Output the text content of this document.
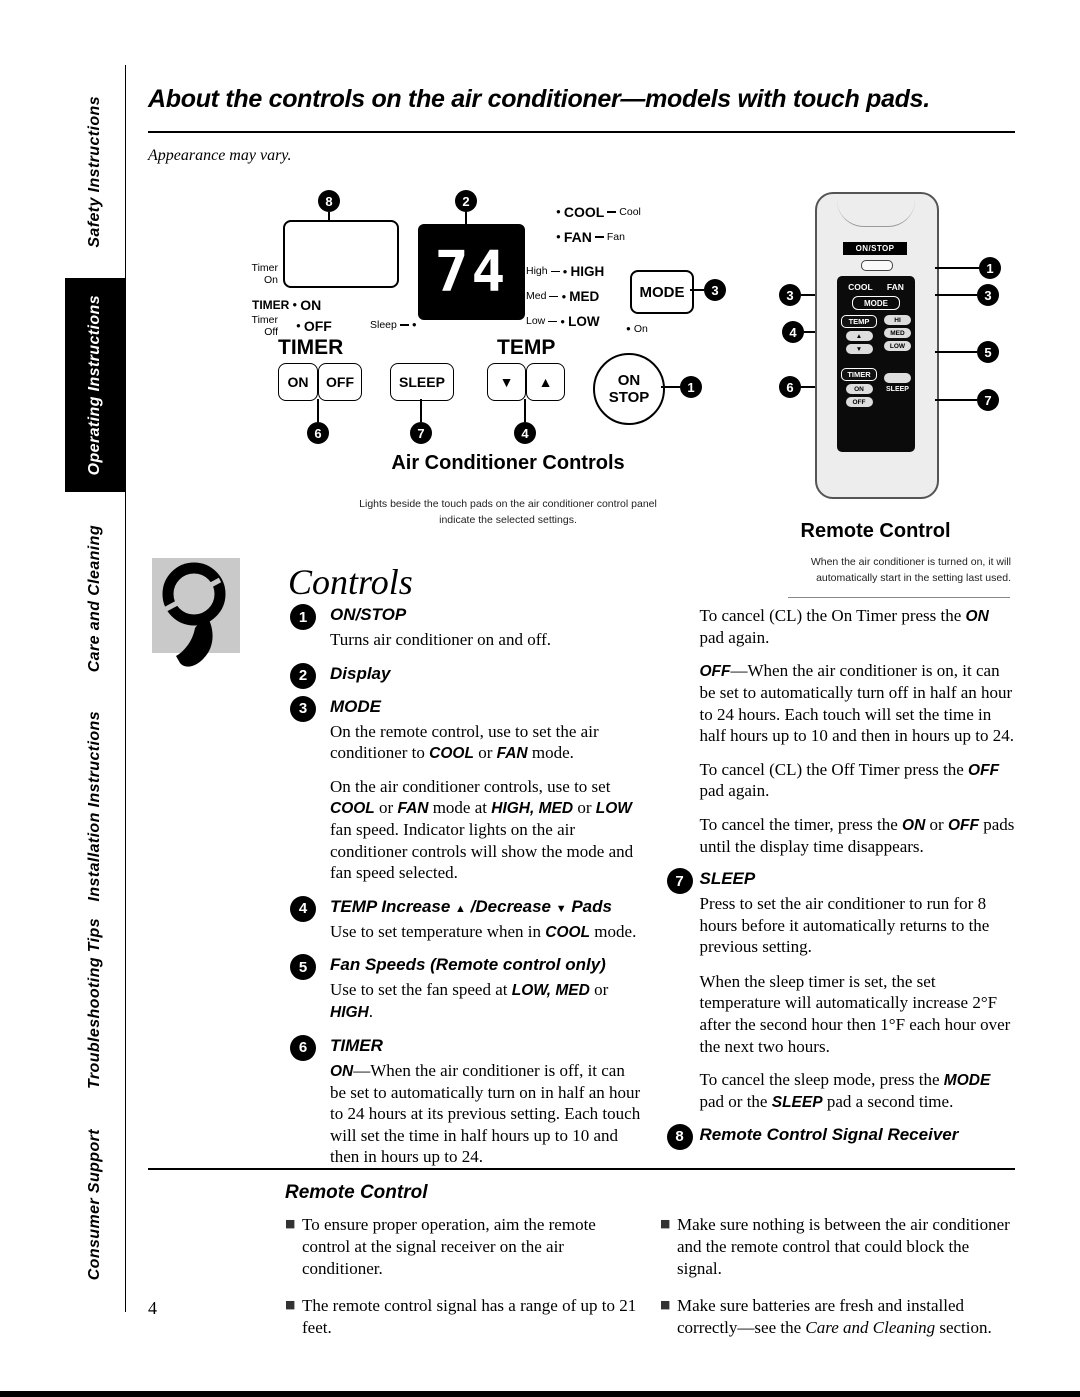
Safety Instructions
Operating Instructions
Care and Cleaning
Installation Instructions
Troubleshooting Tips
Consumer Support
About the controls on the air conditioner—models with touch pads.
Appearance may vary.
8	2
74
Timer
On
TIMER ● ON
Timer
Off
● OFF
TIMER
ON	OFF
Sleep ●
SLEEP	▼	▲
6	7	4
High ● HIGH
Med ● MED
Low ● LOW
TEMP
● COOL Cool
● FAN Fan
MODE	3
● On
ON
STOP
1
Air Conditioner Controls
Lights beside the touch pads on the air conditioner control panel indicate the selected settings.
ON/STOP
COOL FAN
MODE
TEMP
▲
▼
TIMER
ON
OFF
HI
MED
LOW
SLEEP
1
3	3
4
5
6
7
Remote Control
When the air conditioner is turned on, it will automatically start in the setting last used.
Controls
1	ON/STOP
Turns air conditioner on and off.
2	Display
3	MODE
On the remote control, use to set the air conditioner to COOL or FAN mode.
On the air conditioner controls, use to set COOL or FAN mode at HIGH, MED or LOW fan speed. Indicator lights on the air conditioner controls will show the mode and fan speed selected.
4	TEMP Increase ▲ /Decrease ▼ Pads
Use to set temperature when in COOL mode.
5	Fan Speeds (Remote control only)
Use to set the fan speed at LOW, MED or HIGH.
6	TIMER
ON—When the air conditioner is off, it can be set to automatically turn on in half an hour to 24 hours at its previous setting. Each touch will set the time in half hours up to 10 and then in hours up to 24.
To cancel (CL) the On Timer press the ON pad again.
OFF—When the air conditioner is on, it can be set to automatically turn off in half an hour to 24 hours. Each touch will set the time in half hours up to 10 and then in hours up to 24.
To cancel (CL) the Off Timer press the OFF pad again.
To cancel the timer, press the ON or OFF pads until the display time disappears.
7 SLEEP
Press to set the air conditioner to run for 8 hours before it automatically returns to the previous setting.
When the sleep timer is set, the set temperature will automatically increase 2°F after the second hour then 1°F each hour over the next two hours.
To cancel the sleep mode, press the MODE pad or the SLEEP pad a second time.
8 Remote Control Signal Receiver
Remote Control
■ To ensure proper operation, aim the remote control at the signal receiver on the air conditioner.
■ The remote control signal has a range of up to 21 feet.
■ Make sure nothing is between the air conditioner and the remote control that could block the signal.
■ Make sure batteries are fresh and installed correctly—see the Care and Cleaning section.
4
